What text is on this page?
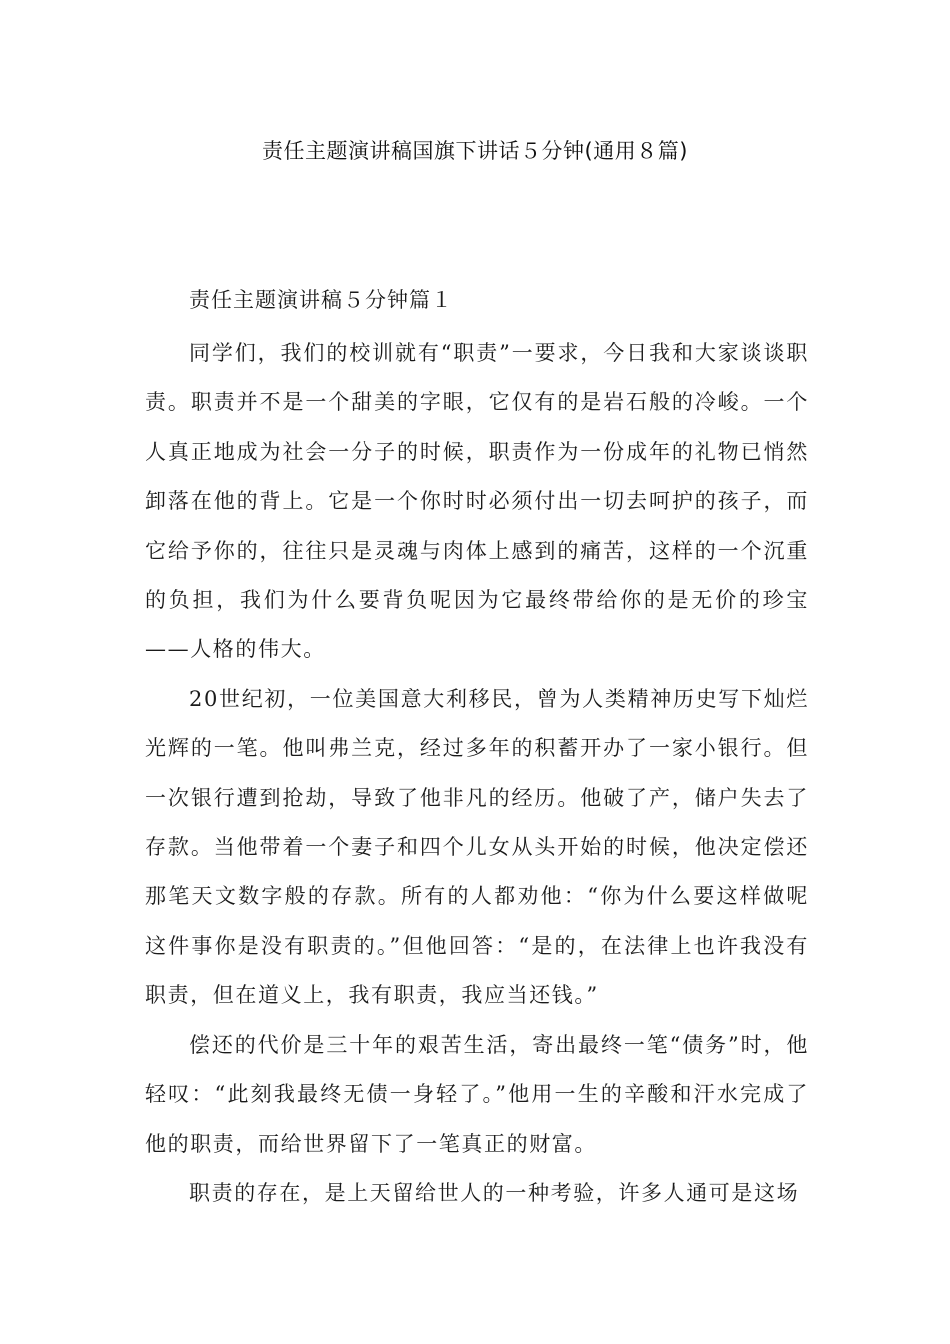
责任主题演讲稿国旗下讲话５分钟(通用８篇)

责任主题演讲稿５分钟篇１

同学们，我们的校训就有“职责”一要求，今日我和大家谈谈职责。职责并不是一个甜美的字眼，它仅有的是岩石般的冷峻。一个人真正地成为社会一分子的时候，职责作为一份成年的礼物已悄然卸落在他的背上。它是一个你时时必须付出一切去呵护的孩子，而它给予你的，往往只是灵魂与肉体上感到的痛苦，这样的一个沉重的负担，我们为什么要背负呢因为它最终带给你的是无价的珍宝——人格的伟大。

20世纪初，一位美国意大利移民，曾为人类精神历史写下灿烂光辉的一笔。他叫弗兰克，经过多年的积蓄开办了一家小银行。但一次银行遭到抢劫，导致了他非凡的经历。他破了产，储户失去了存款。当他带着一个妻子和四个儿女从头开始的时候，他决定偿还那笔天文数字般的存款。所有的人都劝他：“你为什么要这样做呢这件事你是没有职责的。”但他回答：“是的，在法律上也许我没有职责，但在道义上，我有职责，我应当还钱。”

偿还的代价是三十年的艰苦生活，寄出最终一笔“债务”时，他轻叹：“此刻我最终无债一身轻了。”他用一生的辛酸和汗水完成了他的职责，而给世界留下了一笔真正的财富。

职责的存在，是上天留给世人的一种考验，许多人通可是这场
